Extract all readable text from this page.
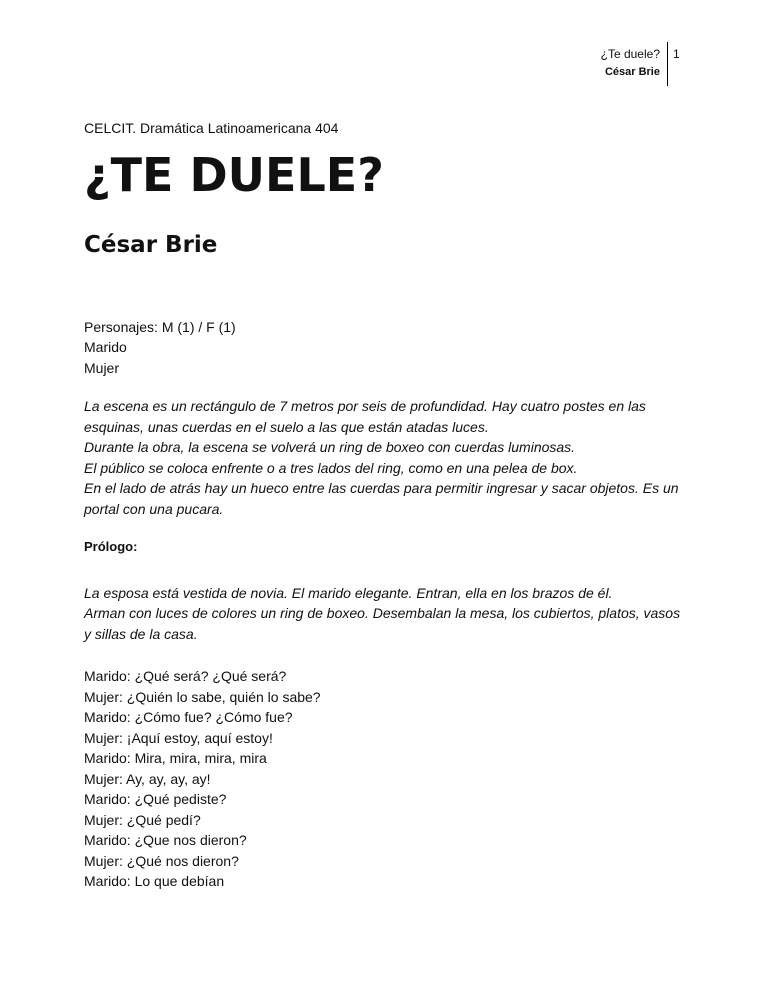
¿Te duele?
César Brie
1
CELCIT. Dramática Latinoamericana 404
¿TE DUELE?
César Brie

Personajes: M (1) / F (1)

Marido

Mujer

La escena es un rectángulo de 7 metros por seis de profundidad. Hay cuatro postes en las esquinas, unas cuerdas en el suelo a las que están atadas luces.

Durante la obra, la escena se volverá un ring de boxeo con cuerdas luminosas.

El público se coloca enfrente o a tres lados del ring, como en una pelea de box.

En el lado de atrás hay un hueco entre las cuerdas para permitir ingresar y sacar objetos. Es un portal con una pucara.

Prólogo:

La esposa está vestida de novia. El marido elegante. Entran, ella en los brazos de él.

Arman con luces de colores un ring de boxeo. Desembalan la mesa, los cubiertos, platos, vasos y sillas de la casa.

Marido: ¿Qué será? ¿Qué será?

Mujer: ¿Quién lo sabe, quién lo sabe?

Marido: ¿Cómo fue? ¿Cómo fue?

Mujer: ¡Aquí estoy, aquí estoy!

Marido: Mira, mira, mira, mira

Mujer: Ay, ay, ay, ay!

Marido: ¿Qué pediste?

Mujer: ¿Qué pedí?

Marido: ¿Que nos dieron?

Mujer: ¿Qué nos dieron?

Marido: Lo que debían
